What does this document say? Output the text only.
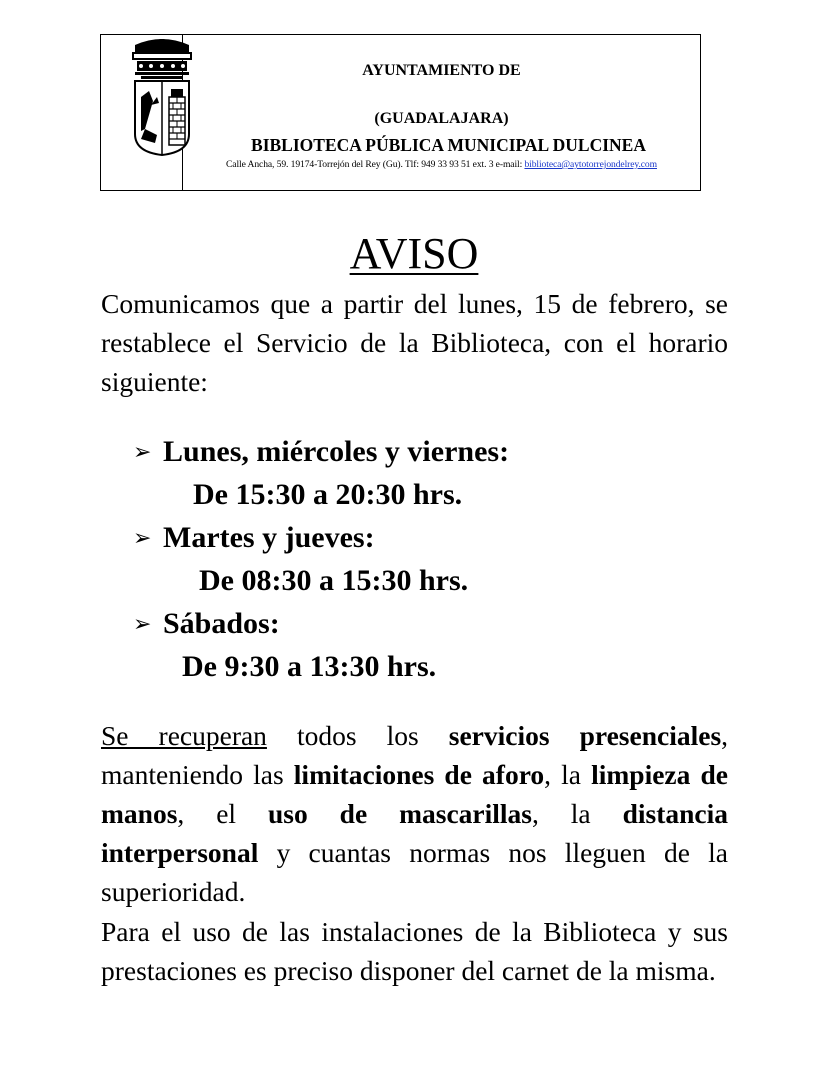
AYUNTAMIENTO DE
(GUADALAJARA)
BIBLIOTECA PÚBLICA MUNICIPAL DULCINEA
Calle Ancha, 59. 19174-Torrejón del Rey (Gu). Tlf: 949 33 93 51 ext. 3 e-mail: biblioteca@aytotorrejondelrey.com
AVISO
Comunicamos que a partir del lunes, 15 de febrero, se restablece el Servicio de la Biblioteca, con el horario siguiente:
➢ Lunes, miércoles y viernes:
De 15:30 a 20:30 hrs.
➢ Martes y jueves:
De 08:30 a 15:30 hrs.
➢ Sábados:
De 9:30 a 13:30 hrs.
Se recuperan todos los servicios presenciales, manteniendo las limitaciones de aforo, la limpieza de manos, el uso de mascarillas, la distancia interpersonal y cuantas normas nos lleguen de la superioridad.
Para el uso de las instalaciones de la Biblioteca y sus prestaciones es preciso disponer del carnet de la misma.
